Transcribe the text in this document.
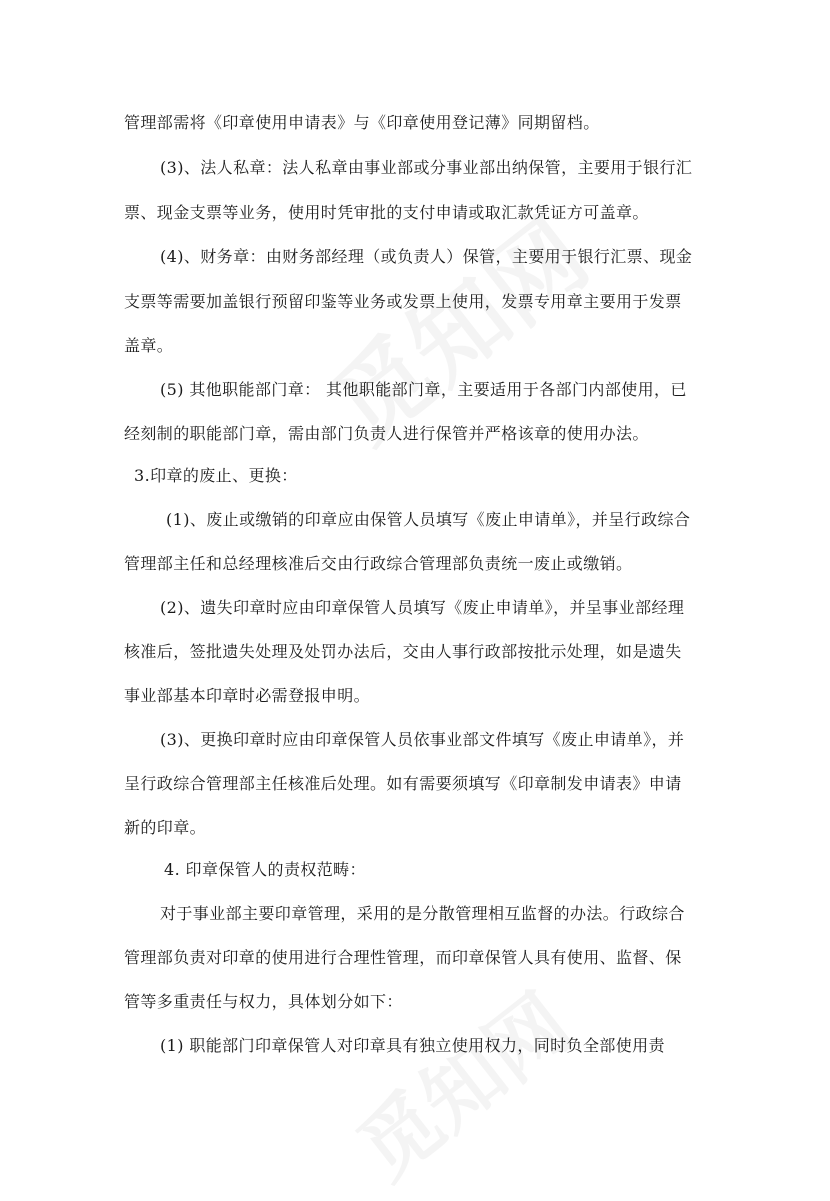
管理部需将《印章使用申请表》与《印章使用登记薄》同期留档。
(3)、法人私章：法人私章由事业部或分事业部出纳保管，主要用于银行汇
票、现金支票等业务，使用时凭审批的支付申请或取汇款凭证方可盖章。
(4)、财务章：由财务部经理（或负责人）保管，主要用于银行汇票、现金
支票等需要加盖银行预留印鉴等业务或发票上使用，发票专用章主要用于发票
盖章。
(5) 其他职能部门章： 其他职能部门章，主要适用于各部门内部使用，已
经刻制的职能部门章，需由部门负责人进行保管并严格该章的使用办法。
3.印章的废止、更换：
(1)、废止或缴销的印章应由保管人员填写《废止申请单》，并呈行政综合
管理部主任和总经理核准后交由行政综合管理部负责统一废止或缴销。
(2)、遗失印章时应由印章保管人员填写《废止申请单》，并呈事业部经理
核准后，签批遗失处理及处罚办法后，交由人事行政部按批示处理，如是遗失
事业部基本印章时必需登报申明。
(3)、更换印章时应由印章保管人员依事业部文件填写《废止申请单》，并
呈行政综合管理部主任核准后处理。如有需要须填写《印章制发申请表》申请
新的印章。
4. 印章保管人的责权范畴：
对于事业部主要印章管理，采用的是分散管理相互监督的办法。行政综合
管理部负责对印章的使用进行合理性管理，而印章保管人具有使用、监督、保
管等多重责任与权力，具体划分如下：
(1) 职能部门印章保管人对印章具有独立使用权力，同时负全部使用责
